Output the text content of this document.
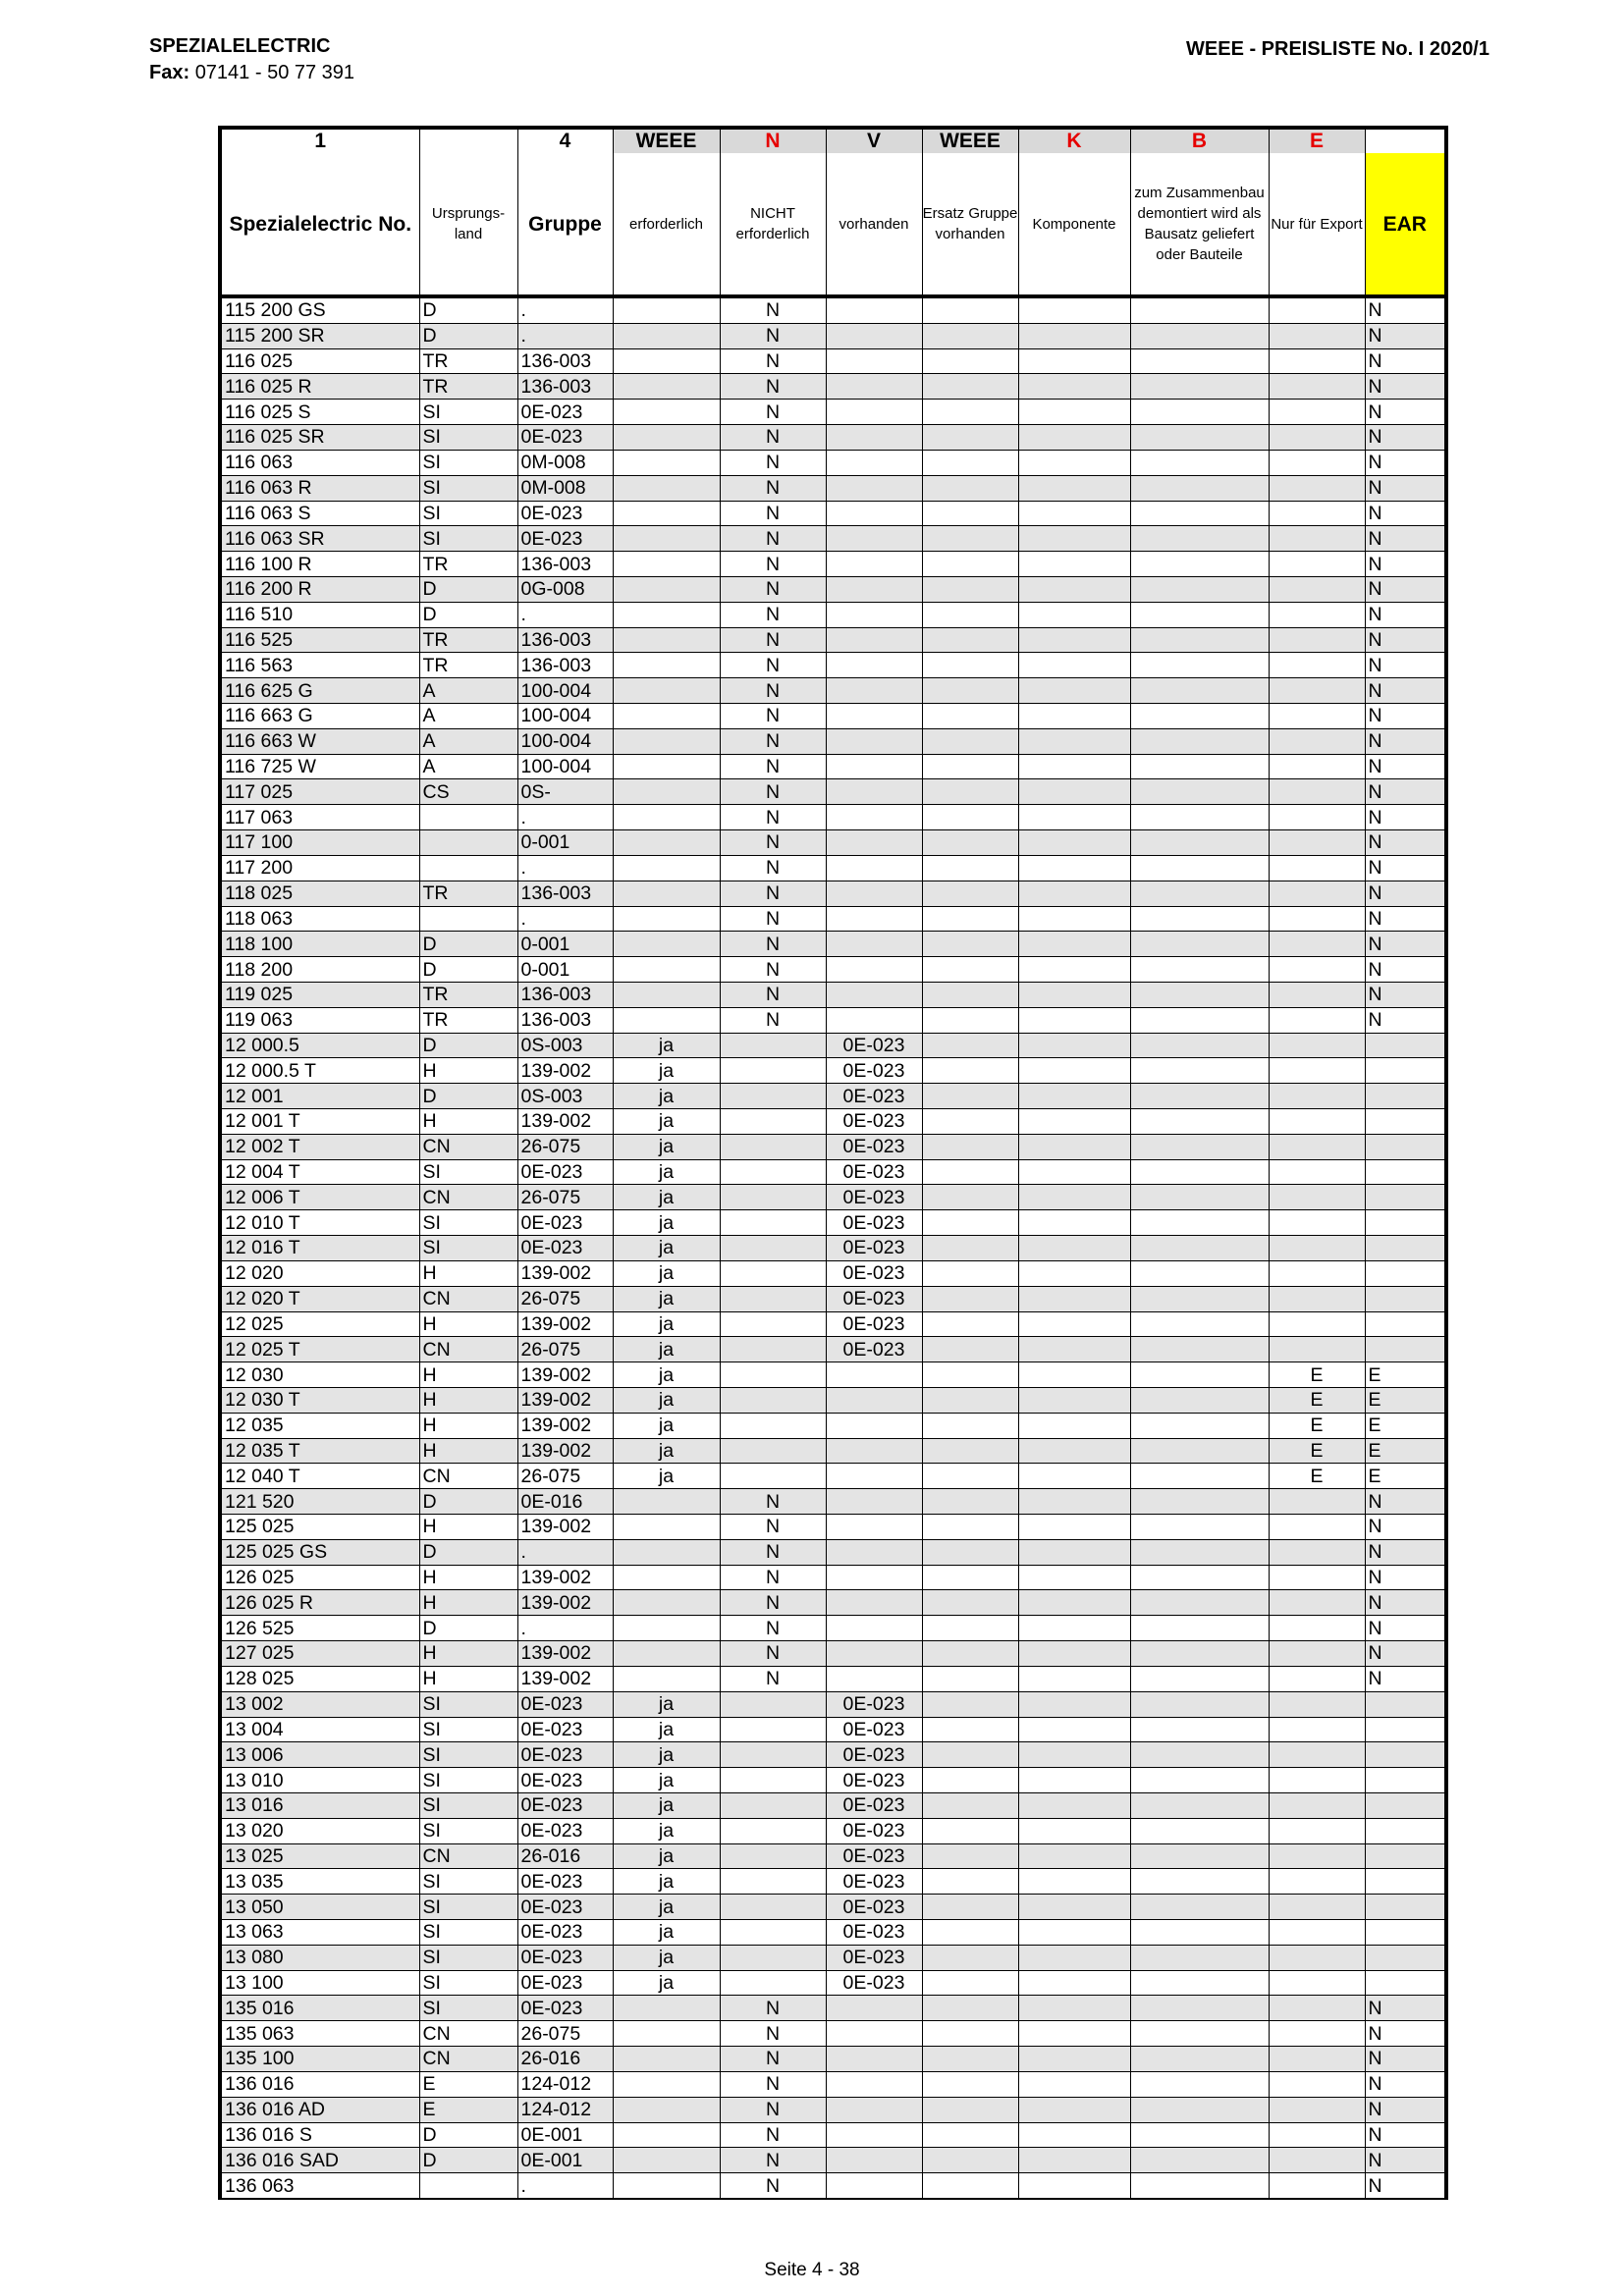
SPEZIALELECTRIC
Fax: 07141 - 50 77 391
WEEE - PREISLISTE No. I 2020/1
1		4	WEEE	N	V	WEEE	K	B	E	
Spezialelectric No.	Ursprungs-land	Gruppe	erforderlich	NICHT erforderlich	vorhanden	Ersatz Gruppe vorhanden	Komponente	zum Zusammenbau demontiert wird als Bausatz geliefert oder Bauteile	Nur für Export	EAR
115 200 GS	D	.		N						N
115 200 SR	D	.		N						N
116 025	TR	136-003		N						N
116 025 R	TR	136-003		N						N
116 025 S	SI	0E-023		N						N
116 025 SR	SI	0E-023		N						N
116 063	SI	0M-008		N						N
116 063 R	SI	0M-008		N						N
116 063 S	SI	0E-023		N						N
116 063 SR	SI	0E-023		N						N
116 100 R	TR	136-003		N						N
116 200 R	D	0G-008		N						N
116 510	D	.		N						N
116 525	TR	136-003		N						N
116 563	TR	136-003		N						N
116 625 G	A	100-004		N						N
116 663 G	A	100-004		N						N
116 663 W	A	100-004		N						N
116 725 W	A	100-004		N						N
117 025	CS	0S-		N						N
117 063		.		N						N
117 100		0-001		N						N
117 200		.		N						N
118 025	TR	136-003		N						N
118 063		.		N						N
118 100	D	0-001		N						N
118 200	D	0-001		N						N
119 025	TR	136-003		N						N
119 063	TR	136-003		N						N
12 000.5	D	0S-003	ja		0E-023					
12 000.5 T	H	139-002	ja		0E-023					
12 001	D	0S-003	ja		0E-023					
12 001 T	H	139-002	ja		0E-023					
12 002 T	CN	26-075	ja		0E-023					
12 004 T	SI	0E-023	ja		0E-023					
12 006 T	CN	26-075	ja		0E-023					
12 010 T	SI	0E-023	ja		0E-023					
12 016 T	SI	0E-023	ja		0E-023					
12 020	H	139-002	ja		0E-023					
12 020 T	CN	26-075	ja		0E-023					
12 025	H	139-002	ja		0E-023					
12 025 T	CN	26-075	ja		0E-023					
12 030	H	139-002	ja						E	E
12 030 T	H	139-002	ja						E	E
12 035	H	139-002	ja						E	E
12 035 T	H	139-002	ja						E	E
12 040 T	CN	26-075	ja						E	E
121 520	D	0E-016		N						N
125 025	H	139-002		N						N
125 025 GS	D	.		N						N
126 025	H	139-002		N						N
126 025 R	H	139-002		N						N
126 525	D	.		N						N
127 025	H	139-002		N						N
128 025	H	139-002		N						N
13 002	SI	0E-023	ja		0E-023					
13 004	SI	0E-023	ja		0E-023					
13 006	SI	0E-023	ja		0E-023					
13 010	SI	0E-023	ja		0E-023					
13 016	SI	0E-023	ja		0E-023					
13 020	SI	0E-023	ja		0E-023					
13 025	CN	26-016	ja		0E-023					
13 035	SI	0E-023	ja		0E-023					
13 050	SI	0E-023	ja		0E-023					
13 063	SI	0E-023	ja		0E-023					
13 080	SI	0E-023	ja		0E-023					
13 100	SI	0E-023	ja		0E-023					
135 016	SI	0E-023		N						N
135 063	CN	26-075		N						N
135 100	CN	26-016		N						N
136 016	E	124-012		N						N
136 016 AD	E	124-012		N						N
136 016 S	D	0E-001		N						N
136 016 SAD	D	0E-001		N						N
136 063		.		N						N
Seite 4 - 38
